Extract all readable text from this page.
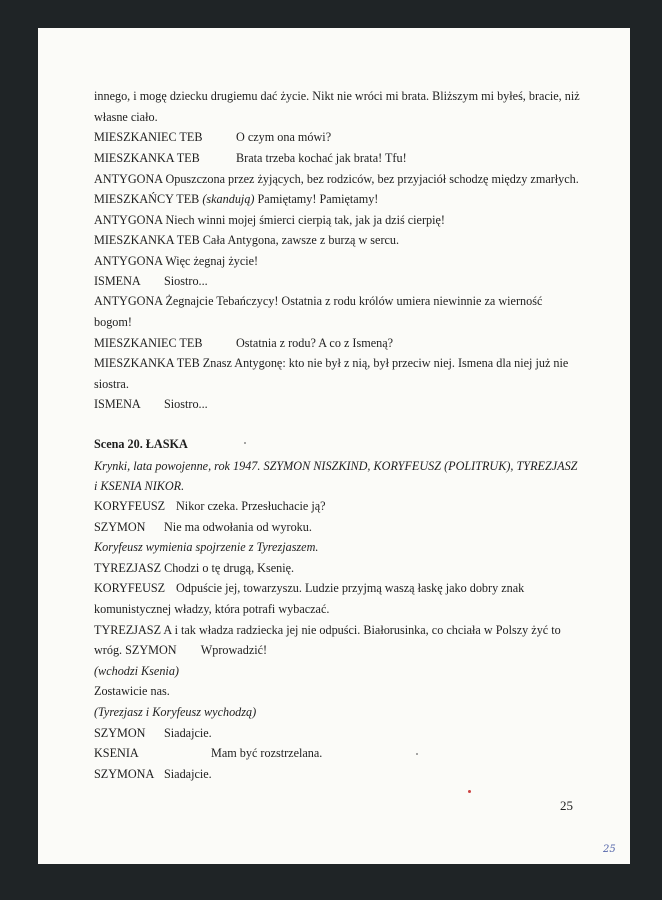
innego, i mogę dziecku drugiemu dać życie. Nikt nie wróci mi brata. Bliższym mi byłeś, bracie, niż
własne ciało.
MIESZKANIEC TEB	O czym ona mówi?
MIESZKANKA TEB	Brata trzeba kochać jak brata! Tfu!
ANTYGONA Opuszczona przez żyjących, bez rodziców, bez przyjaciół schodzę między zmarłych.
MIESZKAŃCY TEB (skandują) Pamiętamy! Pamiętamy!
ANTYGONA Niech winni mojej śmierci cierpią tak, jak ja dziś cierpię!
MIESZKANKA TEB Cała Antygona, zawsze z burzą w sercu.
ANTYGONA Więc żegnaj życie!
ISMENA Siostro...
ANTYGONA Żegnajcie Tebańczycy! Ostatnia z rodu królów umiera niewinnie za wierność
bogom!
MIESZKANIEC TEB	Ostatnia z rodu? A co z Ismeną?
MIESZKANKA TEB Znasz Antygonę: kto nie był z nią, był przeciw niej. Ismena dla niej już nie
siostra.
ISMENA Siostro...
Scena 20. ŁASKA
Krynki, lata powojenne, rok 1947. SZYMON NISZKIND, KORYFEUSZ (POLITRUK), TYREZJASZ
i KSENIA NIKOR.
KORYFEUSZ Nikor czeka. Przesłuchacie ją?
SZYMON Nie ma odwołania od wyroku.
Koryfeusz wymienia spojrzenie z Tyrezjaszem.
TYREZJASZ Chodzi o tę drugą, Ksenię.
KORYFEUSZ Odpuście jej, towarzyszu. Ludzie przyjmą waszą łaskę jako dobry znak
komunistycznej władzy, która potrafi wybaczać.
TYREZJASZ A i tak władza radziecka jej nie odpuści. Białorusinka, co chciała w Polszy żyć to
wróg. SZYMON        Wprowadzić!
(wchodzi Ksenia)
Zostawicie nas.
(Tyrezjasz i Koryfeusz wychodzą)
SZYMON Siadajcie.
KSENIA	Mam być rozstrzelana.
SZYMONA Siadajcie.
25
25
